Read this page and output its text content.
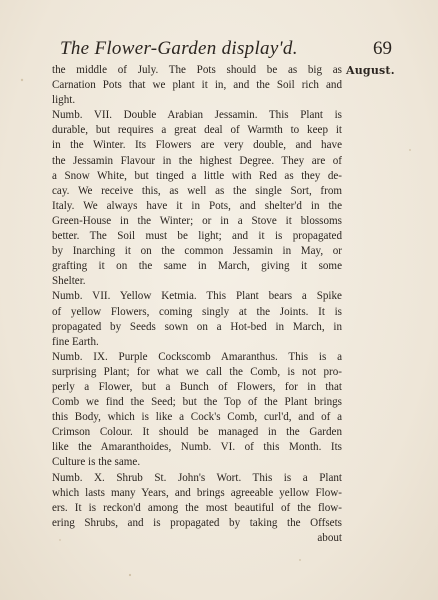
The Flower-Garden display'd.	69
August.
the middle of July. The Pots should be as big as
Carnation Pots that we plant it in, and the Soil rich and
light.
Numb. VII. Double Arabian Jessamin. This Plant is
durable, but requires a great deal of Warmth to keep it
in the Winter. Its Flowers are very double, and have
the Jessamin Flavour in the highest Degree. They are of
a Snow White, but tinged a little with Red as they de-
cay. We receive this, as well as the single Sort, from
Italy. We always have it in Pots, and shelter'd in the
Green-House in the Winter; or in a Stove it blossoms
better. The Soil must be light; and it is propagated
by Inarching it on the common Jessamin in May, or
grafting it on the same in March, giving it some
Shelter.
Numb. VII. Yellow Ketmia. This Plant bears a Spike
of yellow Flowers, coming singly at the Joints. It is
propagated by Seeds sown on a Hot-bed in March, in
fine Earth.
Numb. IX. Purple Cockscomb Amaranthus. This is a
surprising Plant; for what we call the Comb, is not pro-
perly a Flower, but a Bunch of Flowers, for in that
Comb we find the Seed; but the Top of the Plant brings
this Body, which is like a Cock's Comb, curl'd, and of a
Crimson Colour. It should be managed in the Garden
like the Amaranthoides, Numb. VI. of this Month. Its
Culture is the same.
Numb. X. Shrub St. John's Wort. This is a Plant
which lasts many Years, and brings agreeable yellow Flow-
ers. It is reckon'd among the most beautiful of the flow-
ering Shrubs, and is propagated by taking the Offsets
about
